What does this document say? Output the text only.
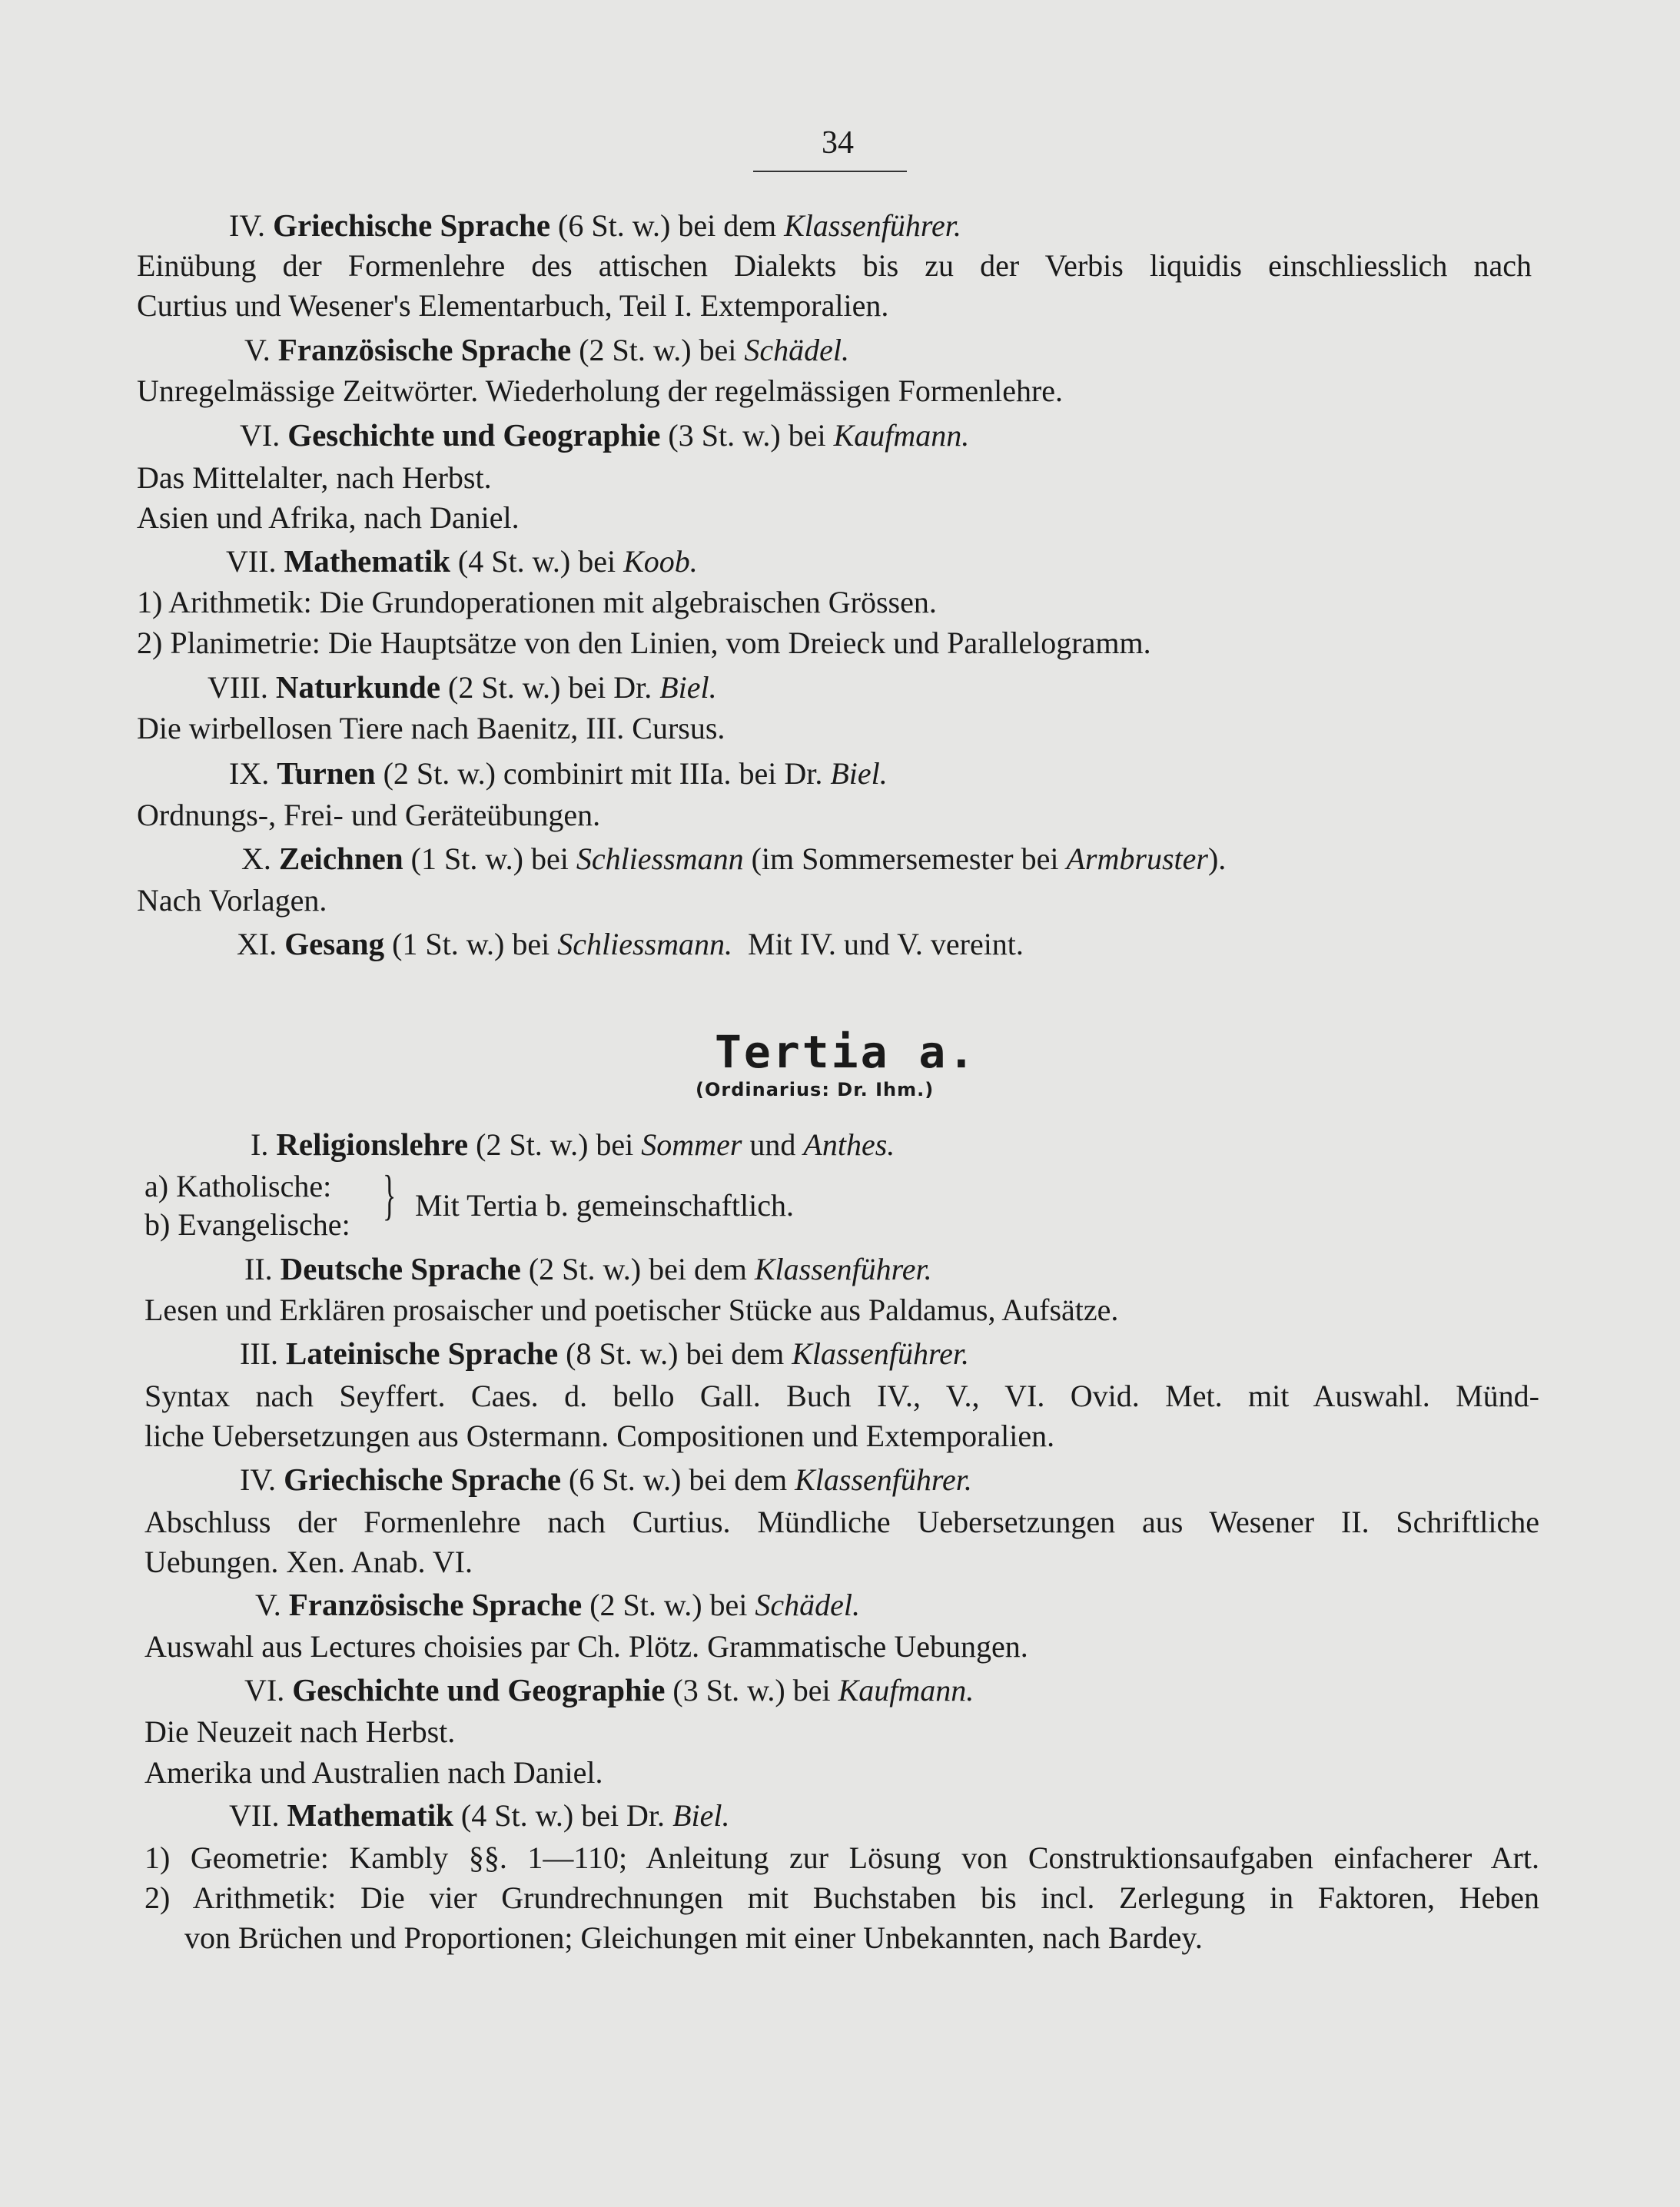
34
IV. Griechische Sprache (6 St. w.) bei dem Klassenführer.
Einübung der Formenlehre des attischen Dialekts bis zu der Verbis liquidis einschliesslich nach
Curtius und Wesener's Elementarbuch, Teil I. Extemporalien.
V. Französische Sprache (2 St. w.) bei Schädel.
Unregelmässige Zeitwörter. Wiederholung der regelmässigen Formenlehre.
VI. Geschichte und Geographie (3 St. w.) bei Kaufmann.
Das Mittelalter, nach Herbst.
Asien und Afrika, nach Daniel.
VII. Mathematik (4 St. w.) bei Koob.
1) Arithmetik: Die Grundoperationen mit algebraischen Grössen.
2) Planimetrie: Die Hauptsätze von den Linien, vom Dreieck und Parallelogramm.
VIII. Naturkunde (2 St. w.) bei Dr. Biel.
Die wirbellosen Tiere nach Baenitz, III. Cursus.
IX. Turnen (2 St. w.) combinirt mit IIIa. bei Dr. Biel.
Ordnungs-, Frei- und Geräteübungen.
X. Zeichnen (1 St. w.) bei Schliessmann (im Sommersemester bei Armbruster).
Nach Vorlagen.
XI. Gesang (1 St. w.) bei Schliessmann. Mit IV. und V. vereint.
Tertia a.
(Ordinarius: Dr. Ihm.)
I. Religionslehre (2 St. w.) bei Sommer und Anthes.
a) Katholische:
b) Evangelische: } Mit Tertia b. gemeinschaftlich.
II. Deutsche Sprache (2 St. w.) bei dem Klassenführer.
Lesen und Erklären prosaischer und poetischer Stücke aus Paldamus, Aufsätze.
III. Lateinische Sprache (8 St. w.) bei dem Klassenführer.
Syntax nach Seyffert. Caes. d. bello Gall. Buch IV., V., VI. Ovid. Met. mit Auswahl. Münd-
liche Uebersetzungen aus Ostermann. Compositionen und Extemporalien.
IV. Griechische Sprache (6 St. w.) bei dem Klassenführer.
Abschluss der Formenlehre nach Curtius. Mündliche Uebersetzungen aus Wesener II. Schriftliche
Uebungen. Xen. Anab. VI.
V. Französische Sprache (2 St. w.) bei Schädel.
Auswahl aus Lectures choisies par Ch. Plötz. Grammatische Uebungen.
VI. Geschichte und Geographie (3 St. w.) bei Kaufmann.
Die Neuzeit nach Herbst.
Amerika und Australien nach Daniel.
VII. Mathematik (4 St. w.) bei Dr. Biel.
1) Geometrie: Kambly §§. 1—110; Anleitung zur Lösung von Construktionsaufgaben einfacherer Art.
2) Arithmetik: Die vier Grundrechnungen mit Buchstaben bis incl. Zerlegung in Faktoren, Heben
von Brüchen und Proportionen; Gleichungen mit einer Unbekannten, nach Bardey.
